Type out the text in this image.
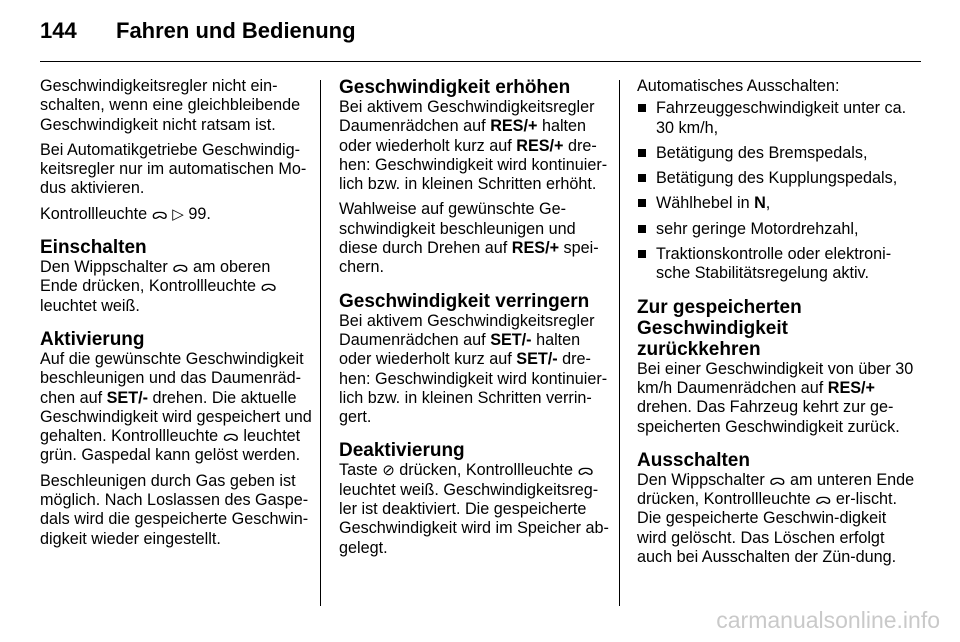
144 Fahren und Bedienung

Geschwindigkeitsregler nicht ein-schalten, wenn eine gleichbleibende Geschwindigkeit nicht ratsam ist.

Bei Automatikgetriebe Geschwindig-keitsregler nur im automatischen Mo-dus aktivieren.

Kontrollleuchte ᯅ ▷ 99.

Einschalten

Den Wippschalter ᯅ am oberen Ende drücken, Kontrollleuchte ᯅ leuchtet weiß.

Aktivierung

Auf die gewünschte Geschwindigkeit beschleunigen und das Daumenräd-chen auf SET/- drehen. Die aktuelle Geschwindigkeit wird gespeichert und gehalten. Kontrollleuchte ᯅ leuchtet grün. Gaspedal kann gelöst werden.

Beschleunigen durch Gas geben ist möglich. Nach Loslassen des Gaspe-dals wird die gespeicherte Geschwin-digkeit wieder eingestellt.

Geschwindigkeit erhöhen

Bei aktivem Geschwindigkeitsregler Daumenrädchen auf RES/+ halten oder wiederholt kurz auf RES/+ dre-hen: Geschwindigkeit wird kontinuier-lich bzw. in kleinen Schritten erhöht.

Wahlweise auf gewünschte Ge-schwindigkeit beschleunigen und diese durch Drehen auf RES/+ spei-chern.

Geschwindigkeit verringern

Bei aktivem Geschwindigkeitsregler Daumenrädchen auf SET/- halten oder wiederholt kurz auf SET/- dre-hen: Geschwindigkeit wird kontinuier-lich bzw. in kleinen Schritten verrin-gert.

Deaktivierung

Taste ⊘ drücken, Kontrollleuchte ᯅ leuchtet weiß. Geschwindigkeitsreg-ler ist deaktiviert. Die gespeicherte Geschwindigkeit wird im Speicher ab-gelegt.

Automatisches Ausschalten:

Fahrzeuggeschwindigkeit unter ca. 30 km/h,
Betätigung des Bremspedals,
Betätigung des Kupplungspedals,
Wählhebel in N,
sehr geringe Motordrehzahl,
Traktionskontrolle oder elektroni-sche Stabilitätsregelung aktiv.
Zur gespeicherten
Geschwindigkeit zurückkehren

Bei einer Geschwindigkeit von über 30 km/h Daumenrädchen auf RES/+ drehen. Das Fahrzeug kehrt zur ge-speicherten Geschwindigkeit zurück.

Ausschalten

Den Wippschalter ᯅ am unteren Ende drücken, Kontrollleuchte ᯅ er-lischt. Die gespeicherte Geschwin-digkeit wird gelöscht. Das Löschen erfolgt auch bei Ausschalten der Zün-dung.

carmanualsonline.info
